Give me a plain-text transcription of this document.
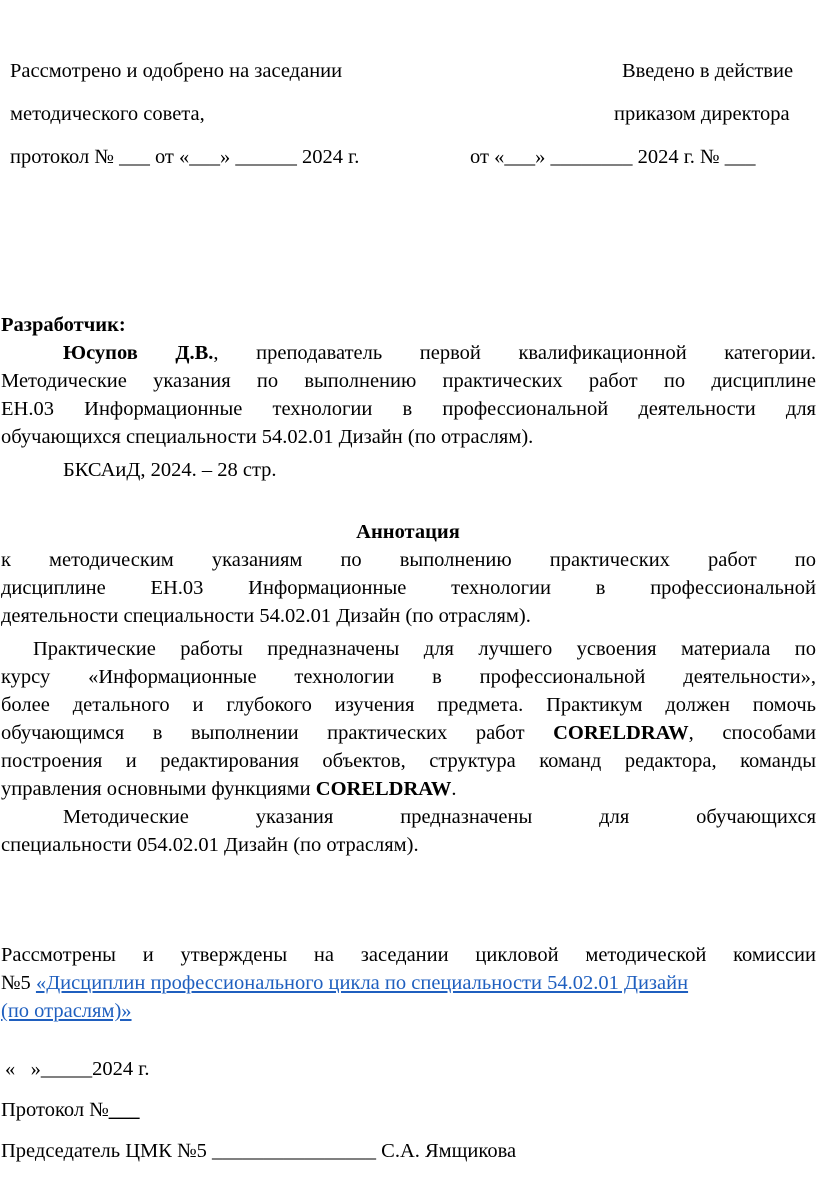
Рассмотрено и одобрено на заседании
методического совета,
протокол № ___ от «___» ______ 2024 г.
Введено в действие
приказом директора
от «___» ________ 2024 г. № ___
Разработчик:
Юсупов Д.В., преподаватель первой квалификационной категории.
Методические указания по выполнению практических работ по дисциплине
ЕН.03 Информационные технологии в профессиональной деятельности для
обучающихся специальности 54.02.01 Дизайн (по отраслям).
БКСАиД, 2024. – 28 стр.
Аннотация
к методическим указаниям по выполнению практических работ по
дисциплине ЕН.03 Информационные технологии в профессиональной
деятельности специальности 54.02.01 Дизайн (по отраслям).
Практические работы предназначены для лучшего усвоения материала по
курсу «Информационные технологии в профессиональной деятельности»,
более детального и глубокого изучения предмета. Практикум должен помочь
обучающимся в выполнении практических работ CORELDRAW, способами
построения и редактирования объектов, структура команд редактора, команды
управления основными функциями CORELDRAW.
Методические указания предназначены для обучающихся
специальности 054.02.01 Дизайн (по отраслям).
Рассмотрены и утверждены на заседании цикловой методической комиссии
№5 «Дисциплин профессионального цикла по специальности 54.02.01 Дизайн
(по отраслям)»
«   »_____2024 г.
Протокол №___
Председатель ЦМК №5 ________________ С.А. Ямщикова
